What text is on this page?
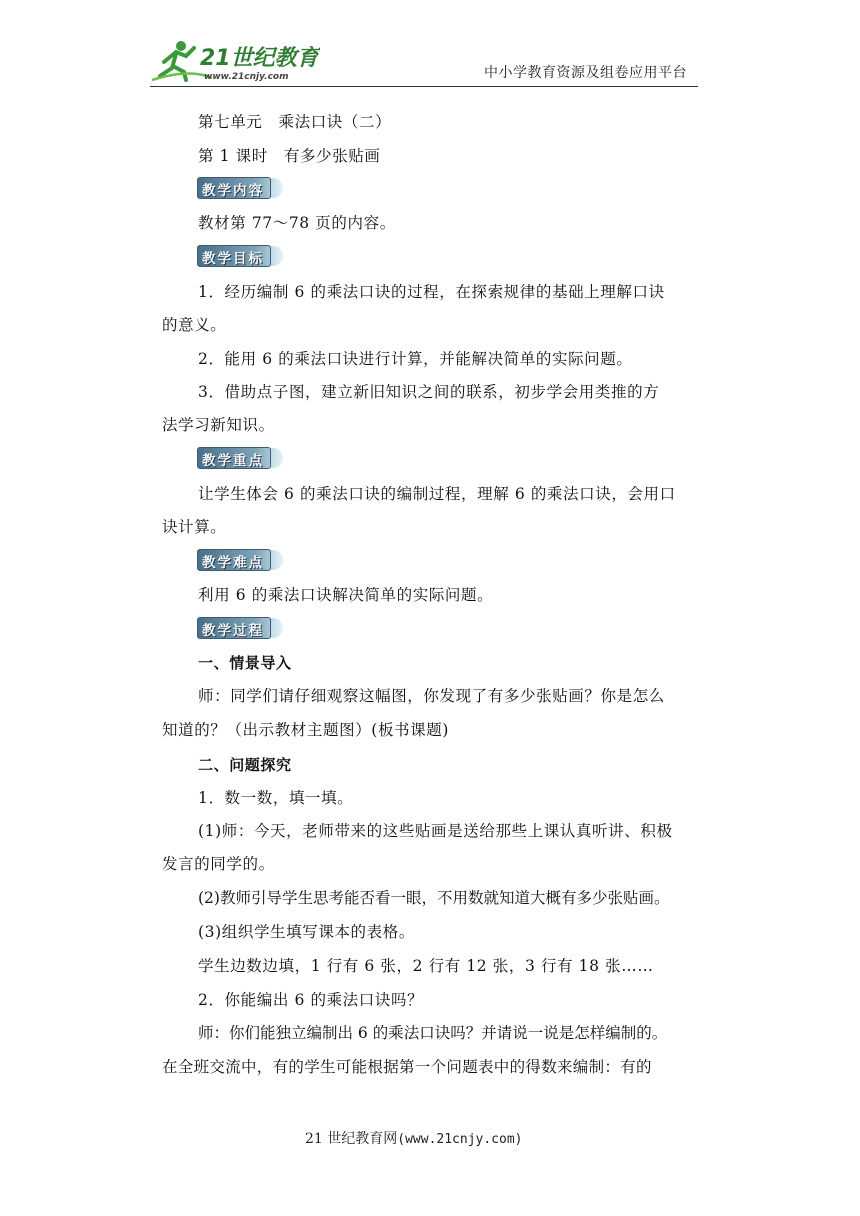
21世纪教育
www.21cnjy.com	中小学教育资源及组卷应用平台
第七单元　乘法口诀（二）
第 1 课时　有多少张贴画
教学内容
教材第 77～78 页的内容。
教学目标
1．经历编制 6 的乘法口诀的过程，在探索规律的基础上理解口诀
的意义。
2．能用 6 的乘法口诀进行计算，并能解决简单的实际问题。
3．借助点子图，建立新旧知识之间的联系，初步学会用类推的方
法学习新知识。
教学重点
让学生体会 6 的乘法口诀的编制过程，理解 6 的乘法口诀，会用口
诀计算。
教学难点
利用 6 的乘法口诀解决简单的实际问题。
教学过程
一、情景导入
师：同学们请仔细观察这幅图，你发现了有多少张贴画？你是怎么
知道的？（出示教材主题图）(板书课题)
二、问题探究
1．数一数，填一填。
(1)师：今天，老师带来的这些贴画是送给那些上课认真听讲、积极
发言的同学的。
(2)教师引导学生思考能否看一眼，不用数就知道大概有多少张贴画。
(3)组织学生填写课本的表格。
学生边数边填，1 行有 6 张，2 行有 12 张，3 行有 18 张……
2．你能编出 6 的乘法口诀吗？
师：你们能独立编制出 6 的乘法口诀吗？并请说一说是怎样编制的。
在全班交流中，有的学生可能根据第一个问题表中的得数来编制：有的
21 世纪教育网(www.21cnjy.com)
